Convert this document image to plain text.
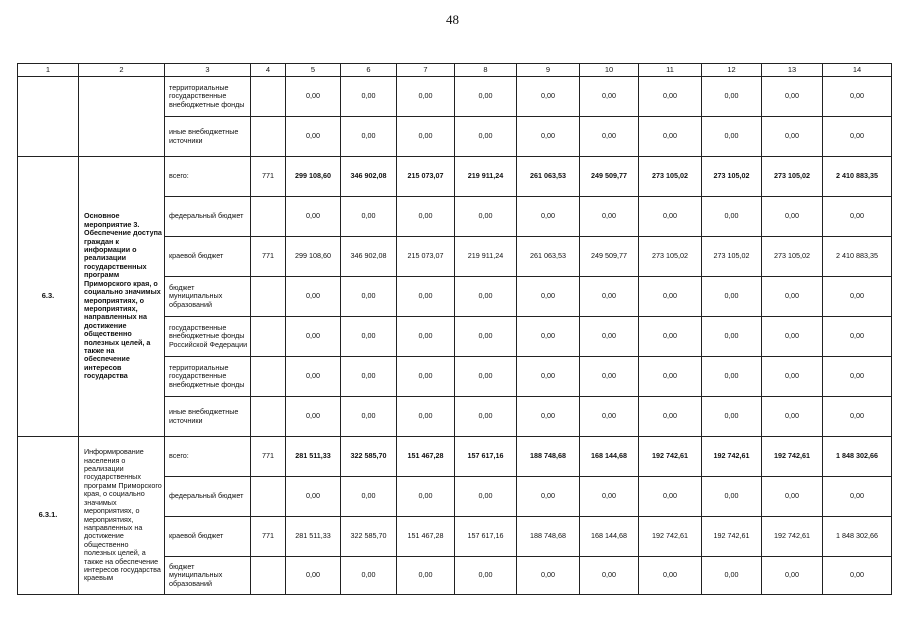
48
1	2	3	4	5	6	7	8	9	10	11	12	13	14
		территориальные государственные внебюджетные фонды		0,00	0,00	0,00	0,00	0,00	0,00	0,00	0,00	0,00	0,00
		иные внебюджетные источники		0,00	0,00	0,00	0,00	0,00	0,00	0,00	0,00	0,00	0,00
6.3.	Основное мероприятие 3. Обеспечение доступа граждан к информации о реализации государственных программ Приморского края, о социально значимых мероприятиях, о мероприятиях, направленных на достижение общественно полезных целей, а также на обеспечение интересов государства	всего:	771	299 108,60	346 902,08	215 073,07	219 911,24	261 063,53	249 509,77	273 105,02	273 105,02	273 105,02	2 410 883,35
		федеральный бюджет		0,00	0,00	0,00	0,00	0,00	0,00	0,00	0,00	0,00	0,00
		краевой бюджет	771	299 108,60	346 902,08	215 073,07	219 911,24	261 063,53	249 509,77	273 105,02	273 105,02	273 105,02	2 410 883,35
		бюджет муниципальных образований		0,00	0,00	0,00	0,00	0,00	0,00	0,00	0,00	0,00	0,00
		государственные внебюджетные фонды Российской Федерации		0,00	0,00	0,00	0,00	0,00	0,00	0,00	0,00	0,00	0,00
		территориальные государственные внебюджетные фонды		0,00	0,00	0,00	0,00	0,00	0,00	0,00	0,00	0,00	0,00
		иные внебюджетные источники		0,00	0,00	0,00	0,00	0,00	0,00	0,00	0,00	0,00	0,00
6.3.1.	Информирование населения о реализации государственных программ Приморского края, о социально значимых мероприятиях, о мероприятиях, направленных на достижение общественно полезных целей, а также на обеспечение интересов государства краевым	всего:	771	281 511,33	322 585,70	151 467,28	157 617,16	188 748,68	168 144,68	192 742,61	192 742,61	192 742,61	1 848 302,66
		федеральный бюджет		0,00	0,00	0,00	0,00	0,00	0,00	0,00	0,00	0,00	0,00
		краевой бюджет	771	281 511,33	322 585,70	151 467,28	157 617,16	188 748,68	168 144,68	192 742,61	192 742,61	192 742,61	1 848 302,66
		бюджет муниципальных образований		0,00	0,00	0,00	0,00	0,00	0,00	0,00	0,00	0,00	0,00
